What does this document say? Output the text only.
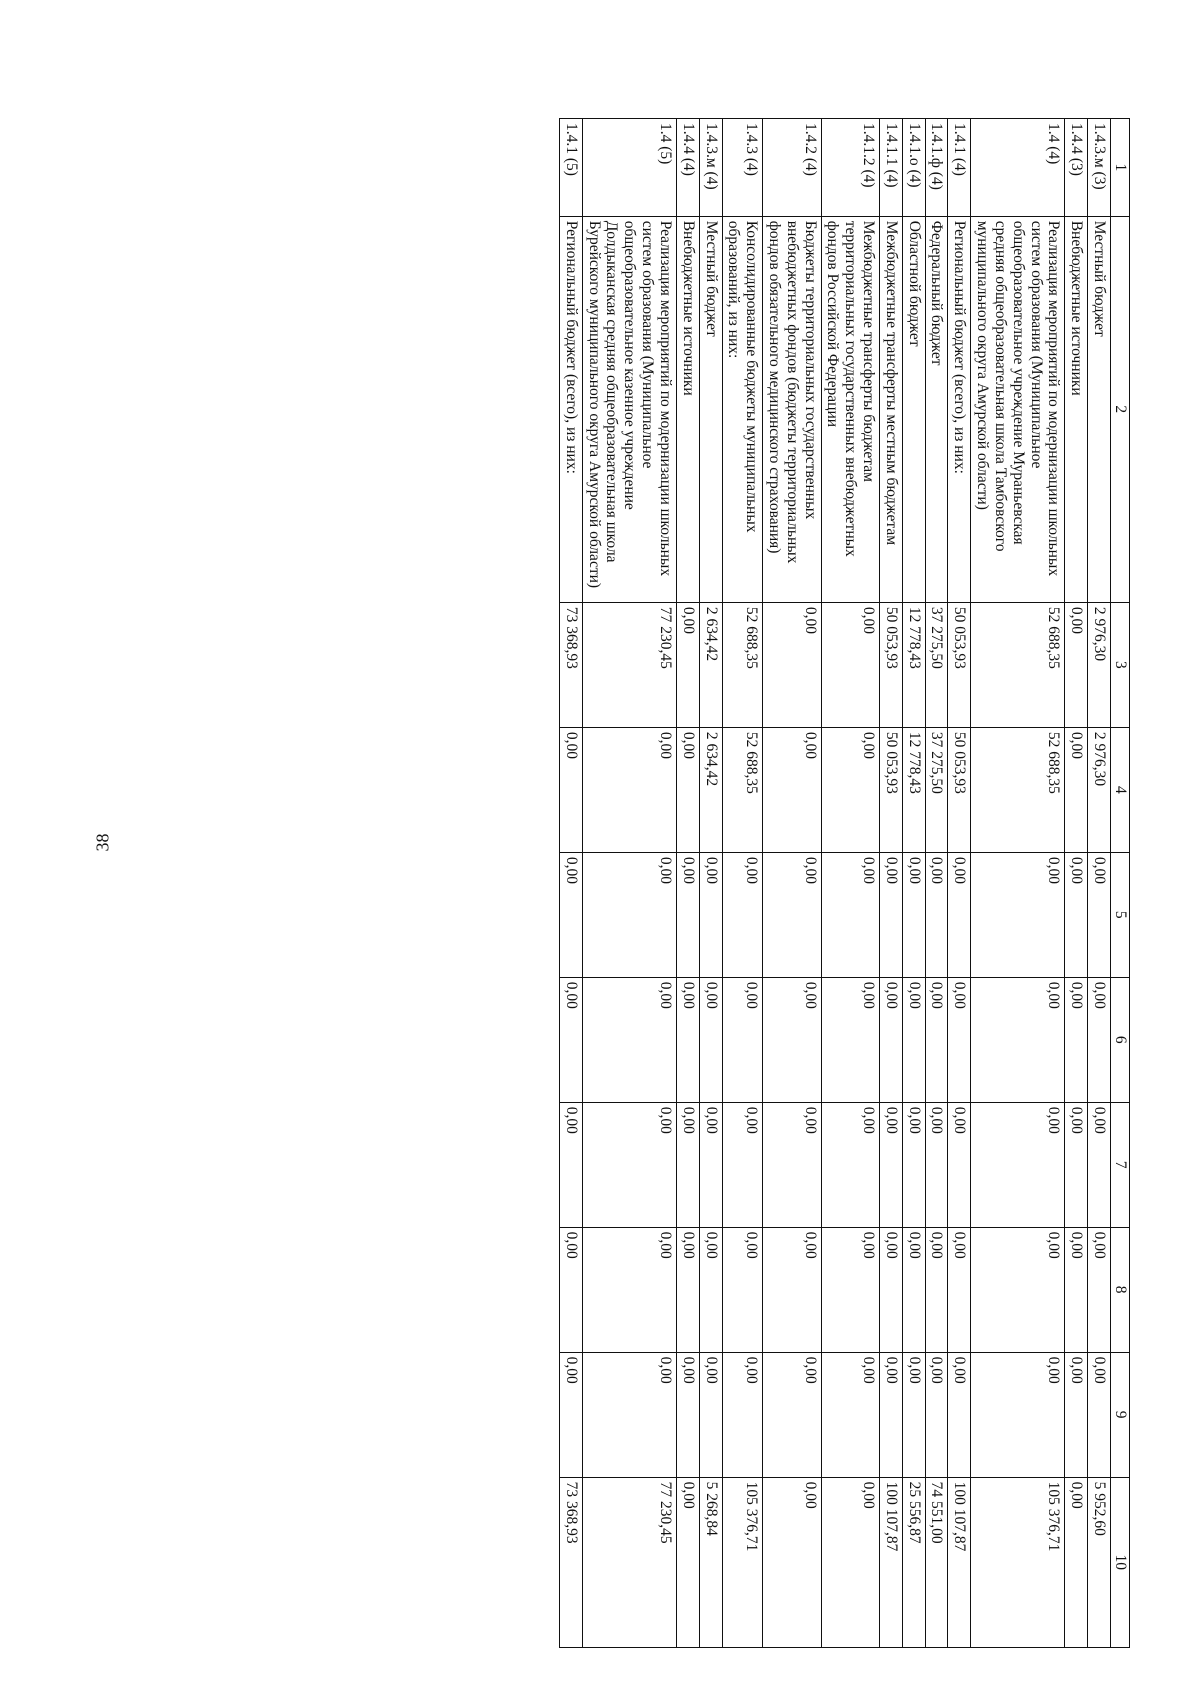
38
1	2	3	4	5	6	7	8	9	10
1.4.3.м (3)	Местный бюджет	2 976,30	2 976,30	0,00	0,00	0,00	0,00	0,00	5 952,60
1.4.4 (3)	Внебюджетные источники	0,00	0,00	0,00	0,00	0,00	0,00	0,00	0,00
1.4 (4)	Реализация мероприятий по модернизации школьных систем образования (Муниципальное общеобразовательное учреждение Мураньевская средняя общеобразовательная школа Тамбовского муниципального округа Амурской области)	52 688,35	52 688,35	0,00	0,00	0,00	0,00	0,00	105 376,71
1.4.1 (4)	Региональный бюджет (всего), из них:	50 053,93	50 053,93	0,00	0,00	0,00	0,00	0,00	100 107,87
1.4.1.ф (4)	Федеральный бюджет	37 275,50	37 275,50	0,00	0,00	0,00	0,00	0,00	74 551,00
1.4.1.о (4)	Областной бюджет	12 778,43	12 778,43	0,00	0,00	0,00	0,00	0,00	25 556,87
1.4.1.1 (4)	Межбюджетные трансферты местным бюджетам	50 053,93	50 053,93	0,00	0,00	0,00	0,00	0,00	100 107,87
1.4.1.2 (4)	Межбюджетные трансферты бюджетам территориальных государственных внебюджетных фондов Российской Федерации	0,00	0,00	0,00	0,00	0,00	0,00	0,00	0,00
1.4.2 (4)	Бюджеты территориальных государственных внебюджетных фондов (бюджеты территориальных фондов обязательного медицинского страхования)	0,00	0,00	0,00	0,00	0,00	0,00	0,00	0,00
1.4.3 (4)	Консолидированные бюджеты муниципальных образований, из них:	52 688,35	52 688,35	0,00	0,00	0,00	0,00	0,00	105 376,71
1.4.3.м (4)	Местный бюджет	2 634,42	2 634,42	0,00	0,00	0,00	0,00	0,00	5 268,84
1.4.4 (4)	Внебюджетные источники	0,00	0,00	0,00	0,00	0,00	0,00	0,00	0,00
1.4 (5)	Реализация мероприятий по модернизации школьных систем образования (Муниципальное общеобразовательное казенное учреждение Долдыканская средняя общеобразовательная школа Бурейского муниципального округа Амурской области)	77 230,45	0,00	0,00	0,00	0,00	0,00	0,00	77 230,45
1.4.1 (5)	Региональный бюджет (всего), из них:	73 368,93	0,00	0,00	0,00	0,00	0,00	0,00	73 368,93
